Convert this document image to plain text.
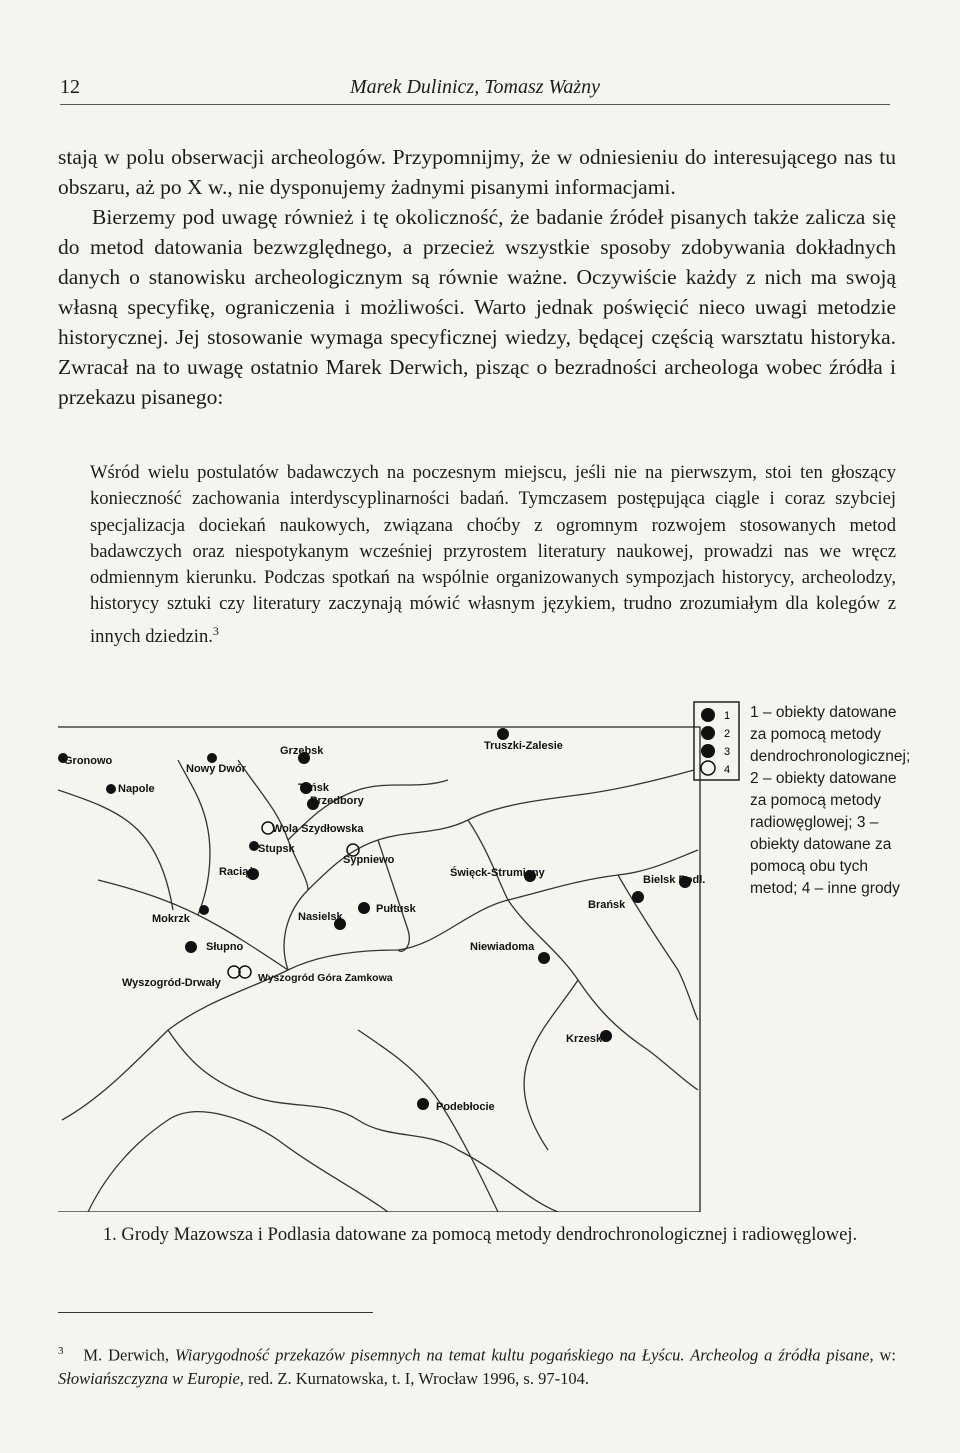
12	Marek Dulinicz, Tomasz Ważny

stają w polu obserwacji archeologów. Przypomnijmy, że w odniesieniu do interesującego nas tu obszaru, aż po X w., nie dysponujemy żadnymi pisanymi informacjami.

Bierzemy pod uwagę również i tę okoliczność, że badanie źródeł pisanych także zalicza się do metod datowania bezwzględnego, a przecież wszystkie sposoby zdobywania dokładnych danych o stanowisku archeologicznym są równie ważne. Oczywiście każdy z nich ma swoją własną specyfikę, ograniczenia i możliwości. Warto jednak poświęcić nieco uwagi metodzie historycznej. Jej stosowanie wymaga specyficznej wiedzy, będącej częścią warsztatu historyka. Zwracał na to uwagę ostatnio Marek Derwich, pisząc o bezradności archeologa wobec źródła i przekazu pisanego:

Wśród wielu postulatów badawczych na poczesnym miejscu, jeśli nie na pierwszym, stoi ten głoszący konieczność zachowania interdyscyplinarności badań. Tymczasem postępująca ciągle i coraz szybciej specjalizacja dociekań naukowych, związana choćby z ogromnym rozwojem stosowanych metod badawczych oraz niespotykanym wcześniej przyrostem literatury naukowej, prowadzi nas we wręcz odmiennym kierunku. Podczas spotkań na wspólnie organizowanych sympozjach historycy, archeolodzy, historycy sztuki czy literatury zaczynają mówić własnym językiem, trudno zrozumiałym dla kolegów z innych dziedzin.$^3$
Grzebsk	Truszki-Zalesie
Gronowo
Nowy Dwór
Napole	Tańsk
Przedbory
Wola Szydłowska
Stupsk
Sypniewo
Święck-Strumiany
Raciąż
Bielsk Podl.
Pułtusk	Brańsk
Mokrzk	Nasielsk
Niewiadoma
Słupno
Wyszogród-Drwały	Wyszogród Góra Zamkowa
Krzesk
Podebłocie
1
2
3
4
1 – obiekty datowane za pomocą metody dendrochronologicznej; 2 – obiekty datowane za pomocą metody radiowęglowej; 3 – obiekty datowane za pomocą obu tych metod; 4 – inne grody
1. Grody Mazowsza i Podlasia datowane za pomocą metody dendrochronologicznej i radiowęglowej.
$^3$ M. Derwich, Wiarygodność przekazów pisemnych na temat kultu pogańskiego na Łyścu. Archeolog a źródła pisane, w: Słowiańszczyzna w Europie, red. Z. Kurnatowska, t. I, Wrocław 1996, s. 97-104.
